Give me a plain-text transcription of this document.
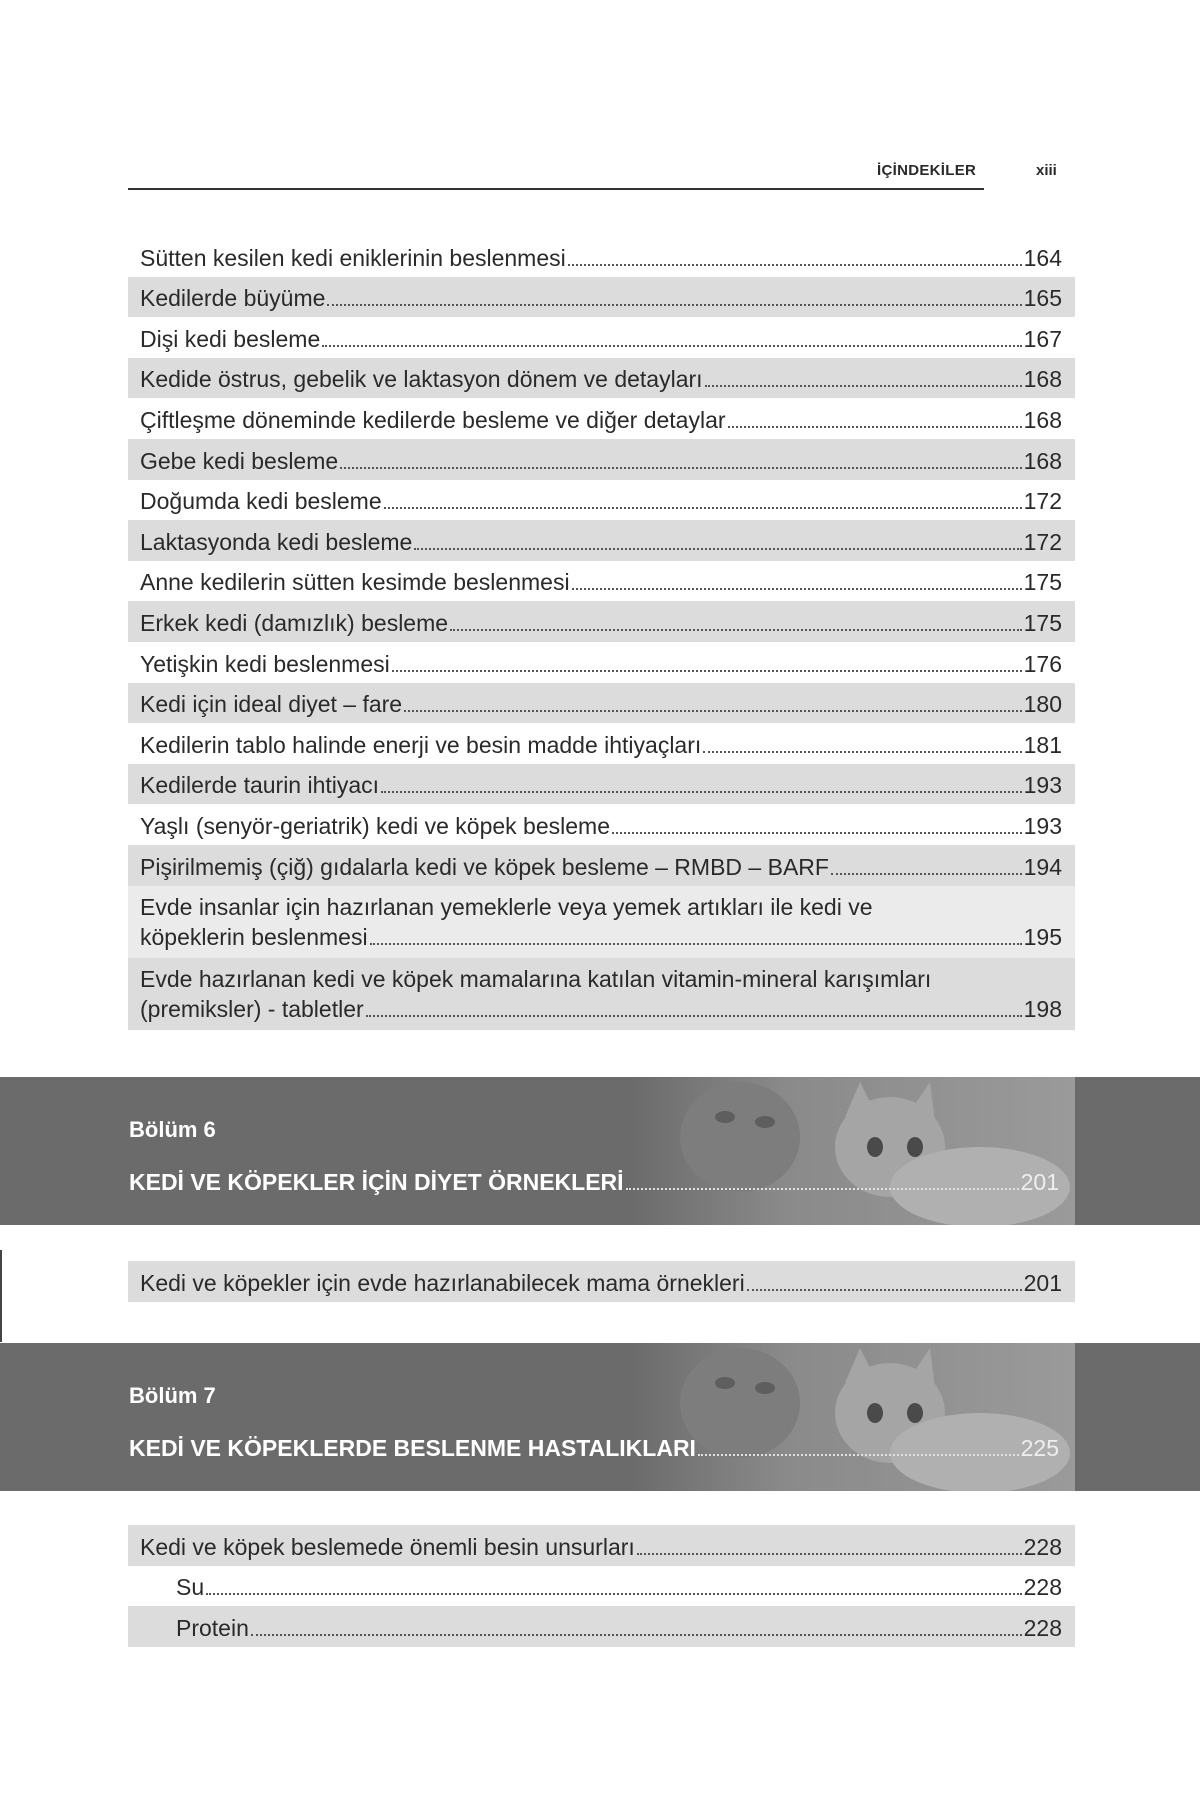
İÇİNDEKİLER	xiii
Sütten kesilen kedi eniklerinin beslenmesi	164
Kedilerde büyüme	165
Dişi kedi besleme	167
Kedide östrus, gebelik ve laktasyon dönem ve detayları	168
Çiftleşme döneminde kedilerde besleme ve diğer detaylar	168
Gebe kedi besleme	168
Doğumda kedi besleme	172
Laktasyonda kedi besleme	172
Anne kedilerin sütten kesimde beslenmesi	175
Erkek kedi (damızlık) besleme	175
Yetişkin kedi beslenmesi	176
Kedi için ideal diyet – fare	180
Kedilerin tablo halinde enerji ve besin madde ihtiyaçları	181
Kedilerde taurin ihtiyacı	193
Yaşlı (senyör-geriatrik) kedi ve köpek besleme	193
Pişirilmemiş (çiğ) gıdalarla kedi ve köpek besleme – RMBD – BARF	194
Evde insanlar için hazırlanan yemeklerle veya yemek artıkları ile kedi ve
köpeklerin beslenmesi	195
Evde hazırlanan kedi ve köpek mamalarına katılan vitamin-mineral karışımları
(premiksler) - tabletler	198
Bölüm 6
KEDİ VE KÖPEKLER İÇİN DİYET ÖRNEKLERİ	201
Kedi ve köpekler için evde hazırlanabilecek mama örnekleri	201
Bölüm 7
KEDİ VE KÖPEKLERDE BESLENME HASTALIKLARI	225
Kedi ve köpek beslemede önemli besin unsurları	228
Su	228
Protein	228
